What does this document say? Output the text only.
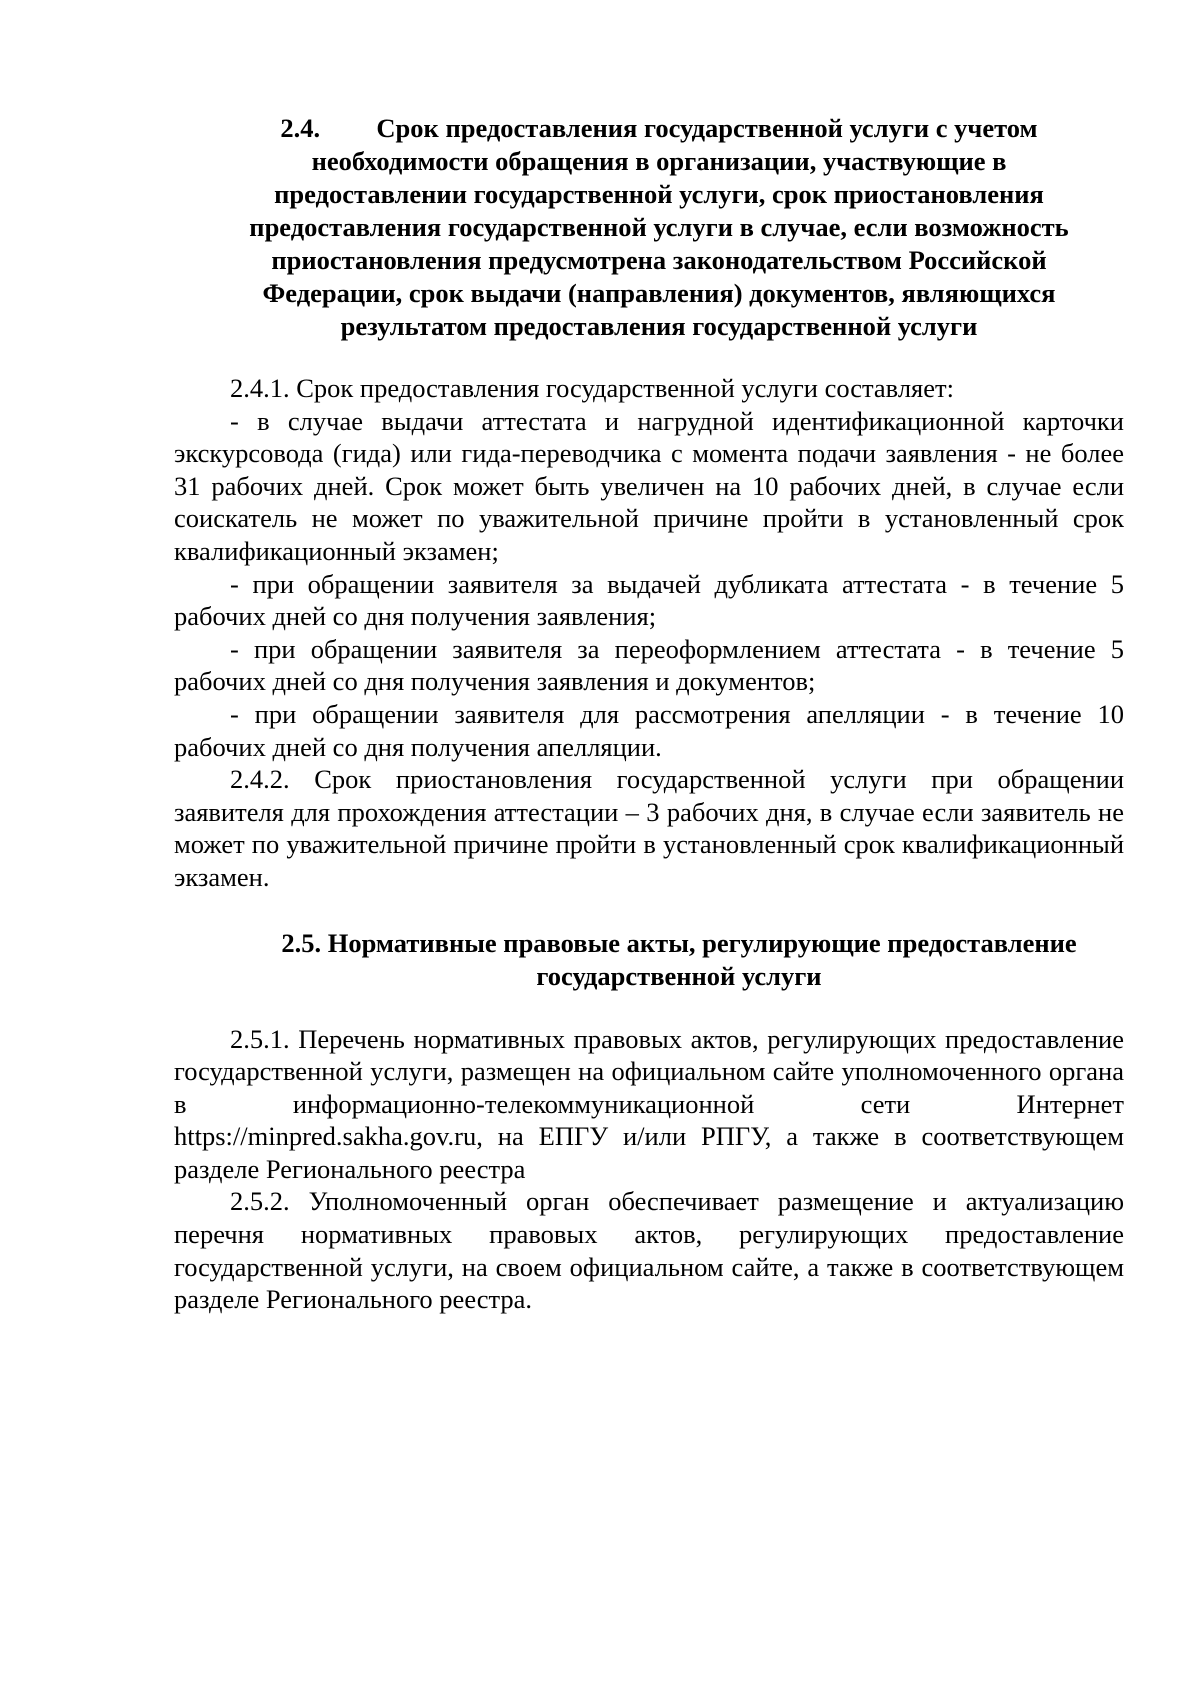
2.4. Срок предоставления государственной услуги с учетом
необходимости обращения в организации, участвующие в
предоставлении государственной услуги, срок приостановления
предоставления государственной услуги в случае, если возможность
приостановления предусмотрена законодательством Российской
Федерации, срок выдачи (направления) документов, являющихся
результатом предоставления государственной услуги

2.4.1. Срок предоставления государственной услуги составляет:

- в случае выдачи аттестата и нагрудной идентификационной карточки экскурсовода (гида) или гида-переводчика с момента подачи заявления - не более 31 рабочих дней. Срок может быть увеличен на 10 рабочих дней, в случае если соискатель не может по уважительной причине пройти в установленный срок квалификационный экзамен;

- при обращении заявителя за выдачей дубликата аттестата - в течение 5 рабочих дней со дня получения заявления;

- при обращении заявителя за переоформлением аттестата - в течение 5 рабочих дней со дня получения заявления и документов;

- при обращении заявителя для рассмотрения апелляции - в течение 10 рабочих дней со дня получения апелляции.

2.4.2. Срок приостановления государственной услуги при обращении заявителя для прохождения аттестации – 3 рабочих дня, в случае если заявитель не может по уважительной причине пройти в установленный срок квалификационный экзамен.

2.5. Нормативные правовые акты, регулирующие предоставление
государственной услуги

2.5.1. Перечень нормативных правовых актов, регулирующих предоставление государственной услуги, размещен на официальном сайте уполномоченного органа в информационно-телекоммуникационной сети Интернет https://minpred.sakha.gov.ru, на ЕПГУ и/или РПГУ, а также в соответствующем разделе Регионального реестра

2.5.2. Уполномоченный орган обеспечивает размещение и актуализацию перечня нормативных правовых актов, регулирующих предоставление государственной услуги, на своем официальном сайте, а также в соответствующем разделе Регионального реестра.
